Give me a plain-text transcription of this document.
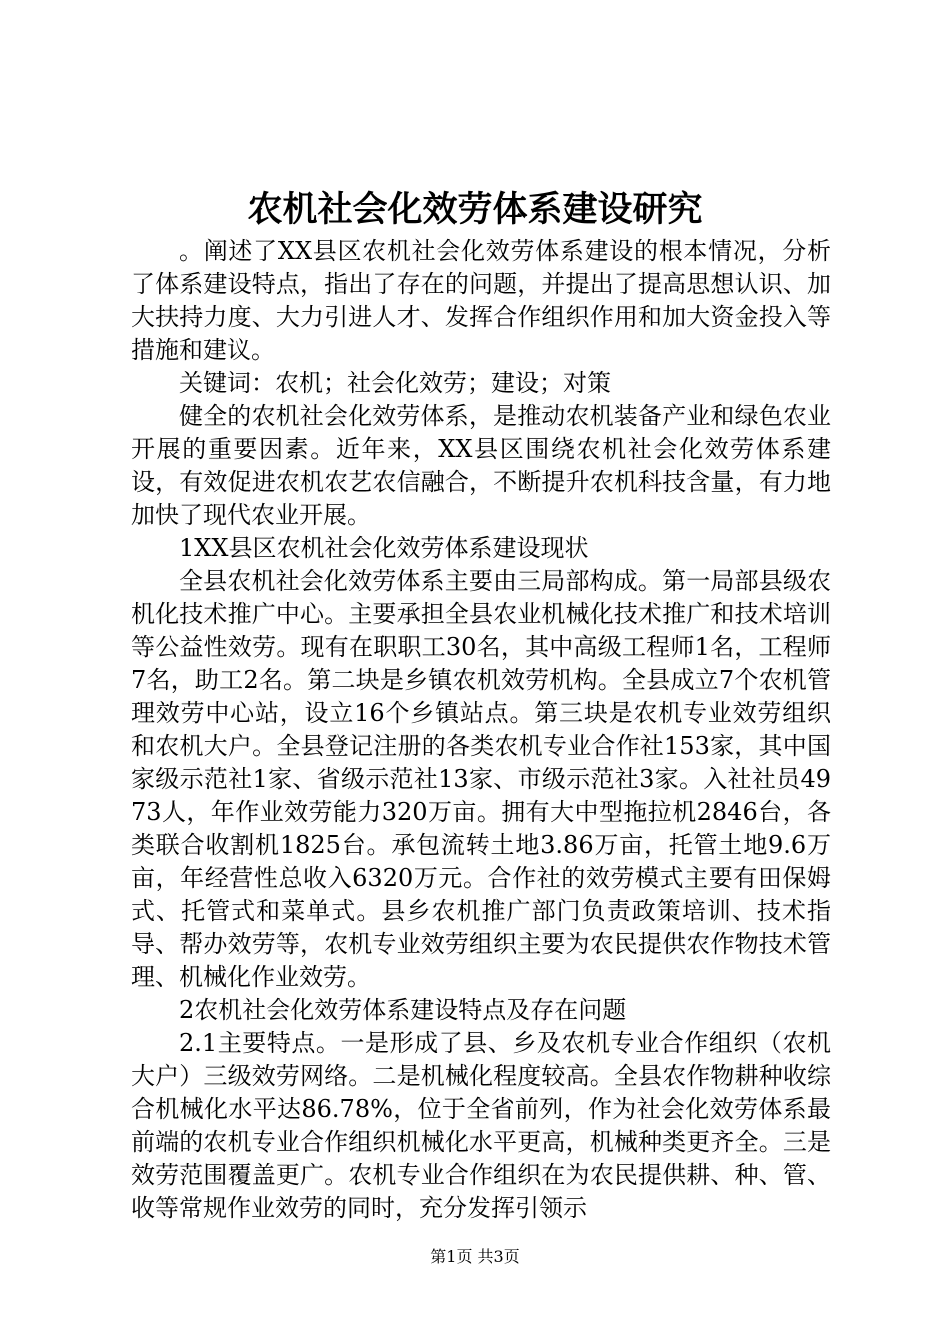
农机社会化效劳体系建设研究

。阐述了XX县区农机社会化效劳体系建设的根本情况，分析了体系建设特点，指出了存在的问题，并提出了提高思想认识、加大扶持力度、大力引进人才、发挥合作组织作用和加大资金投入等措施和建议。

关键词：农机；社会化效劳；建设；对策

健全的农机社会化效劳体系，是推动农机装备产业和绿色农业开展的重要因素。近年来，XX县区围绕农机社会化效劳体系建设，有效促进农机农艺农信融合，不断提升农机科技含量，有力地加快了现代农业开展。

1XX县区农机社会化效劳体系建设现状

全县农机社会化效劳体系主要由三局部构成。第一局部县级农机化技术推广中心。主要承担全县农业机械化技术推广和技术培训等公益性效劳。现有在职职工30名，其中高级工程师1名，工程师7名，助工2名。第二块是乡镇农机效劳机构。全县成立7个农机管理效劳中心站，设立16个乡镇站点。第三块是农机专业效劳组织和农机大户。全县登记注册的各类农机专业合作社153家，其中国家级示范社1家、省级示范社13家、市级示范社3家。入社社员4973人，年作业效劳能力320万亩。拥有大中型拖拉机2846台，各类联合收割机1825台。承包流转土地3.86万亩，托管土地9.6万亩，年经营性总收入6320万元。合作社的效劳模式主要有田保姆式、托管式和菜单式。县乡农机推广部门负责政策培训、技术指导、帮办效劳等，农机专业效劳组织主要为农民提供农作物技术管理、机械化作业效劳。

2农机社会化效劳体系建设特点及存在问题

2.1主要特点。一是形成了县、乡及农机专业合作组织（农机大户）三级效劳网络。二是机械化程度较高。全县农作物耕种收综合机械化水平达86.78%，位于全省前列，作为社会化效劳体系最前端的农机专业合作组织机械化水平更高，机械种类更齐全。三是效劳范围覆盖更广。农机专业合作组织在为农民提供耕、种、管、收等常规作业效劳的同时，充分发挥引领示

第1页 共3页
